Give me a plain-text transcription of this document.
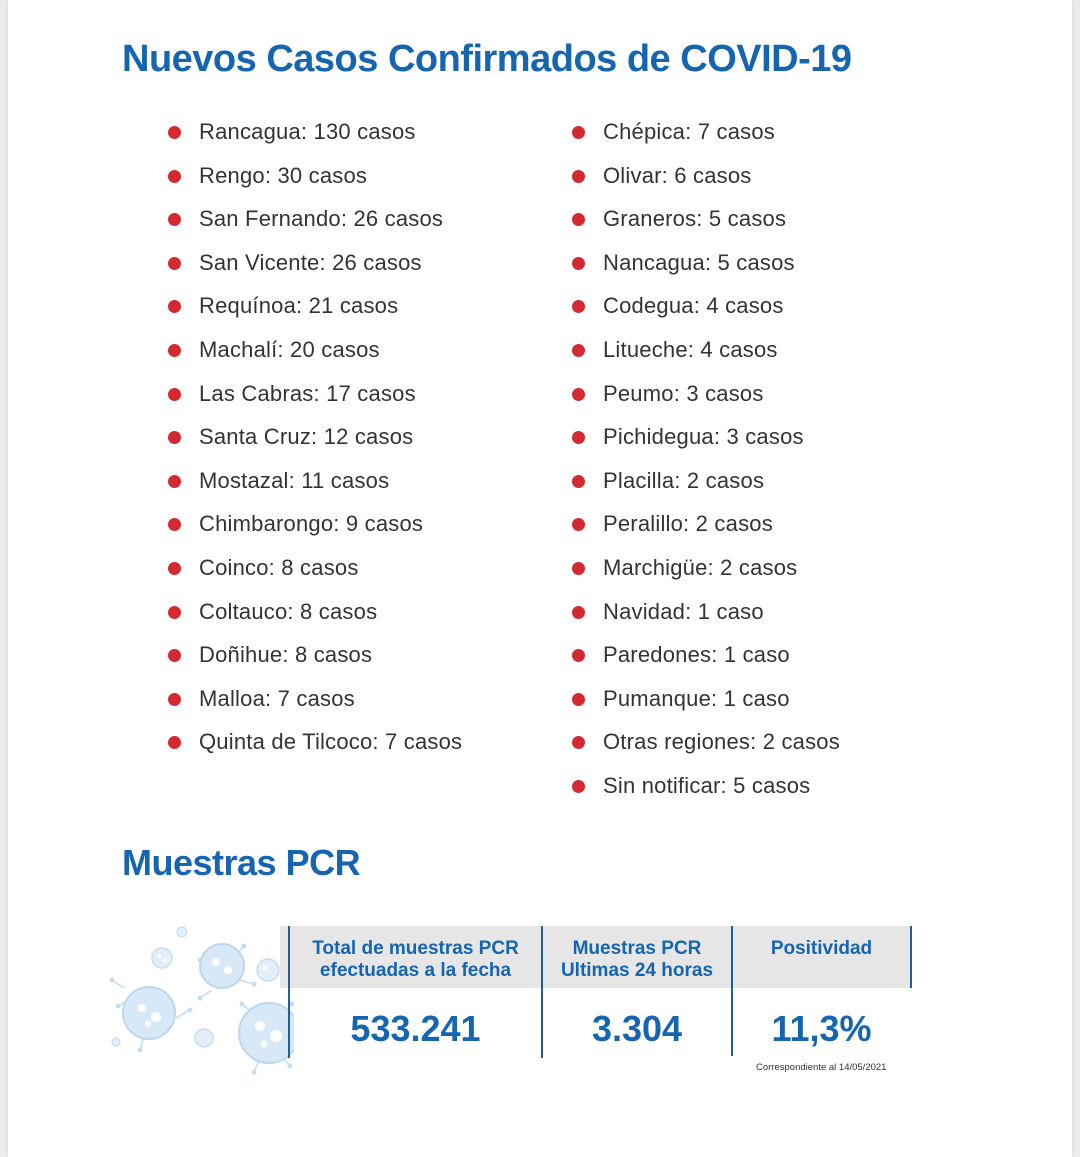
Nuevos Casos Confirmados de COVID-19
Rancagua: 130 casos
Rengo: 30 casos
San Fernando: 26 casos
San Vicente: 26 casos
Requínoa: 21 casos
Machalí: 20 casos
Las Cabras: 17 casos
Santa Cruz: 12 casos
Mostazal: 11 casos
Chimbarongo: 9 casos
Coinco: 8 casos
Coltauco: 8 casos
Doñihue: 8 casos
Malloa: 7 casos
Quinta de Tilcoco: 7 casos
Chépica: 7 casos
Olivar: 6 casos
Graneros: 5 casos
Nancagua: 5 casos
Codegua: 4 casos
Litueche: 4 casos
Peumo: 3 casos
Pichidegua: 3 casos
Placilla: 2 casos
Peralillo: 2 casos
Marchigüe: 2 casos
Navidad: 1 caso
Paredones: 1 caso
Pumanque: 1 caso
Otras regiones: 2 casos
Sin notificar: 5 casos
Muestras PCR
Total de muestras PCR
efectuadas a la fecha
Muestras PCR
Ultimas 24 horas
Positividad
533.241	3.304	11,3%
Correspondiente al 14/05/2021
